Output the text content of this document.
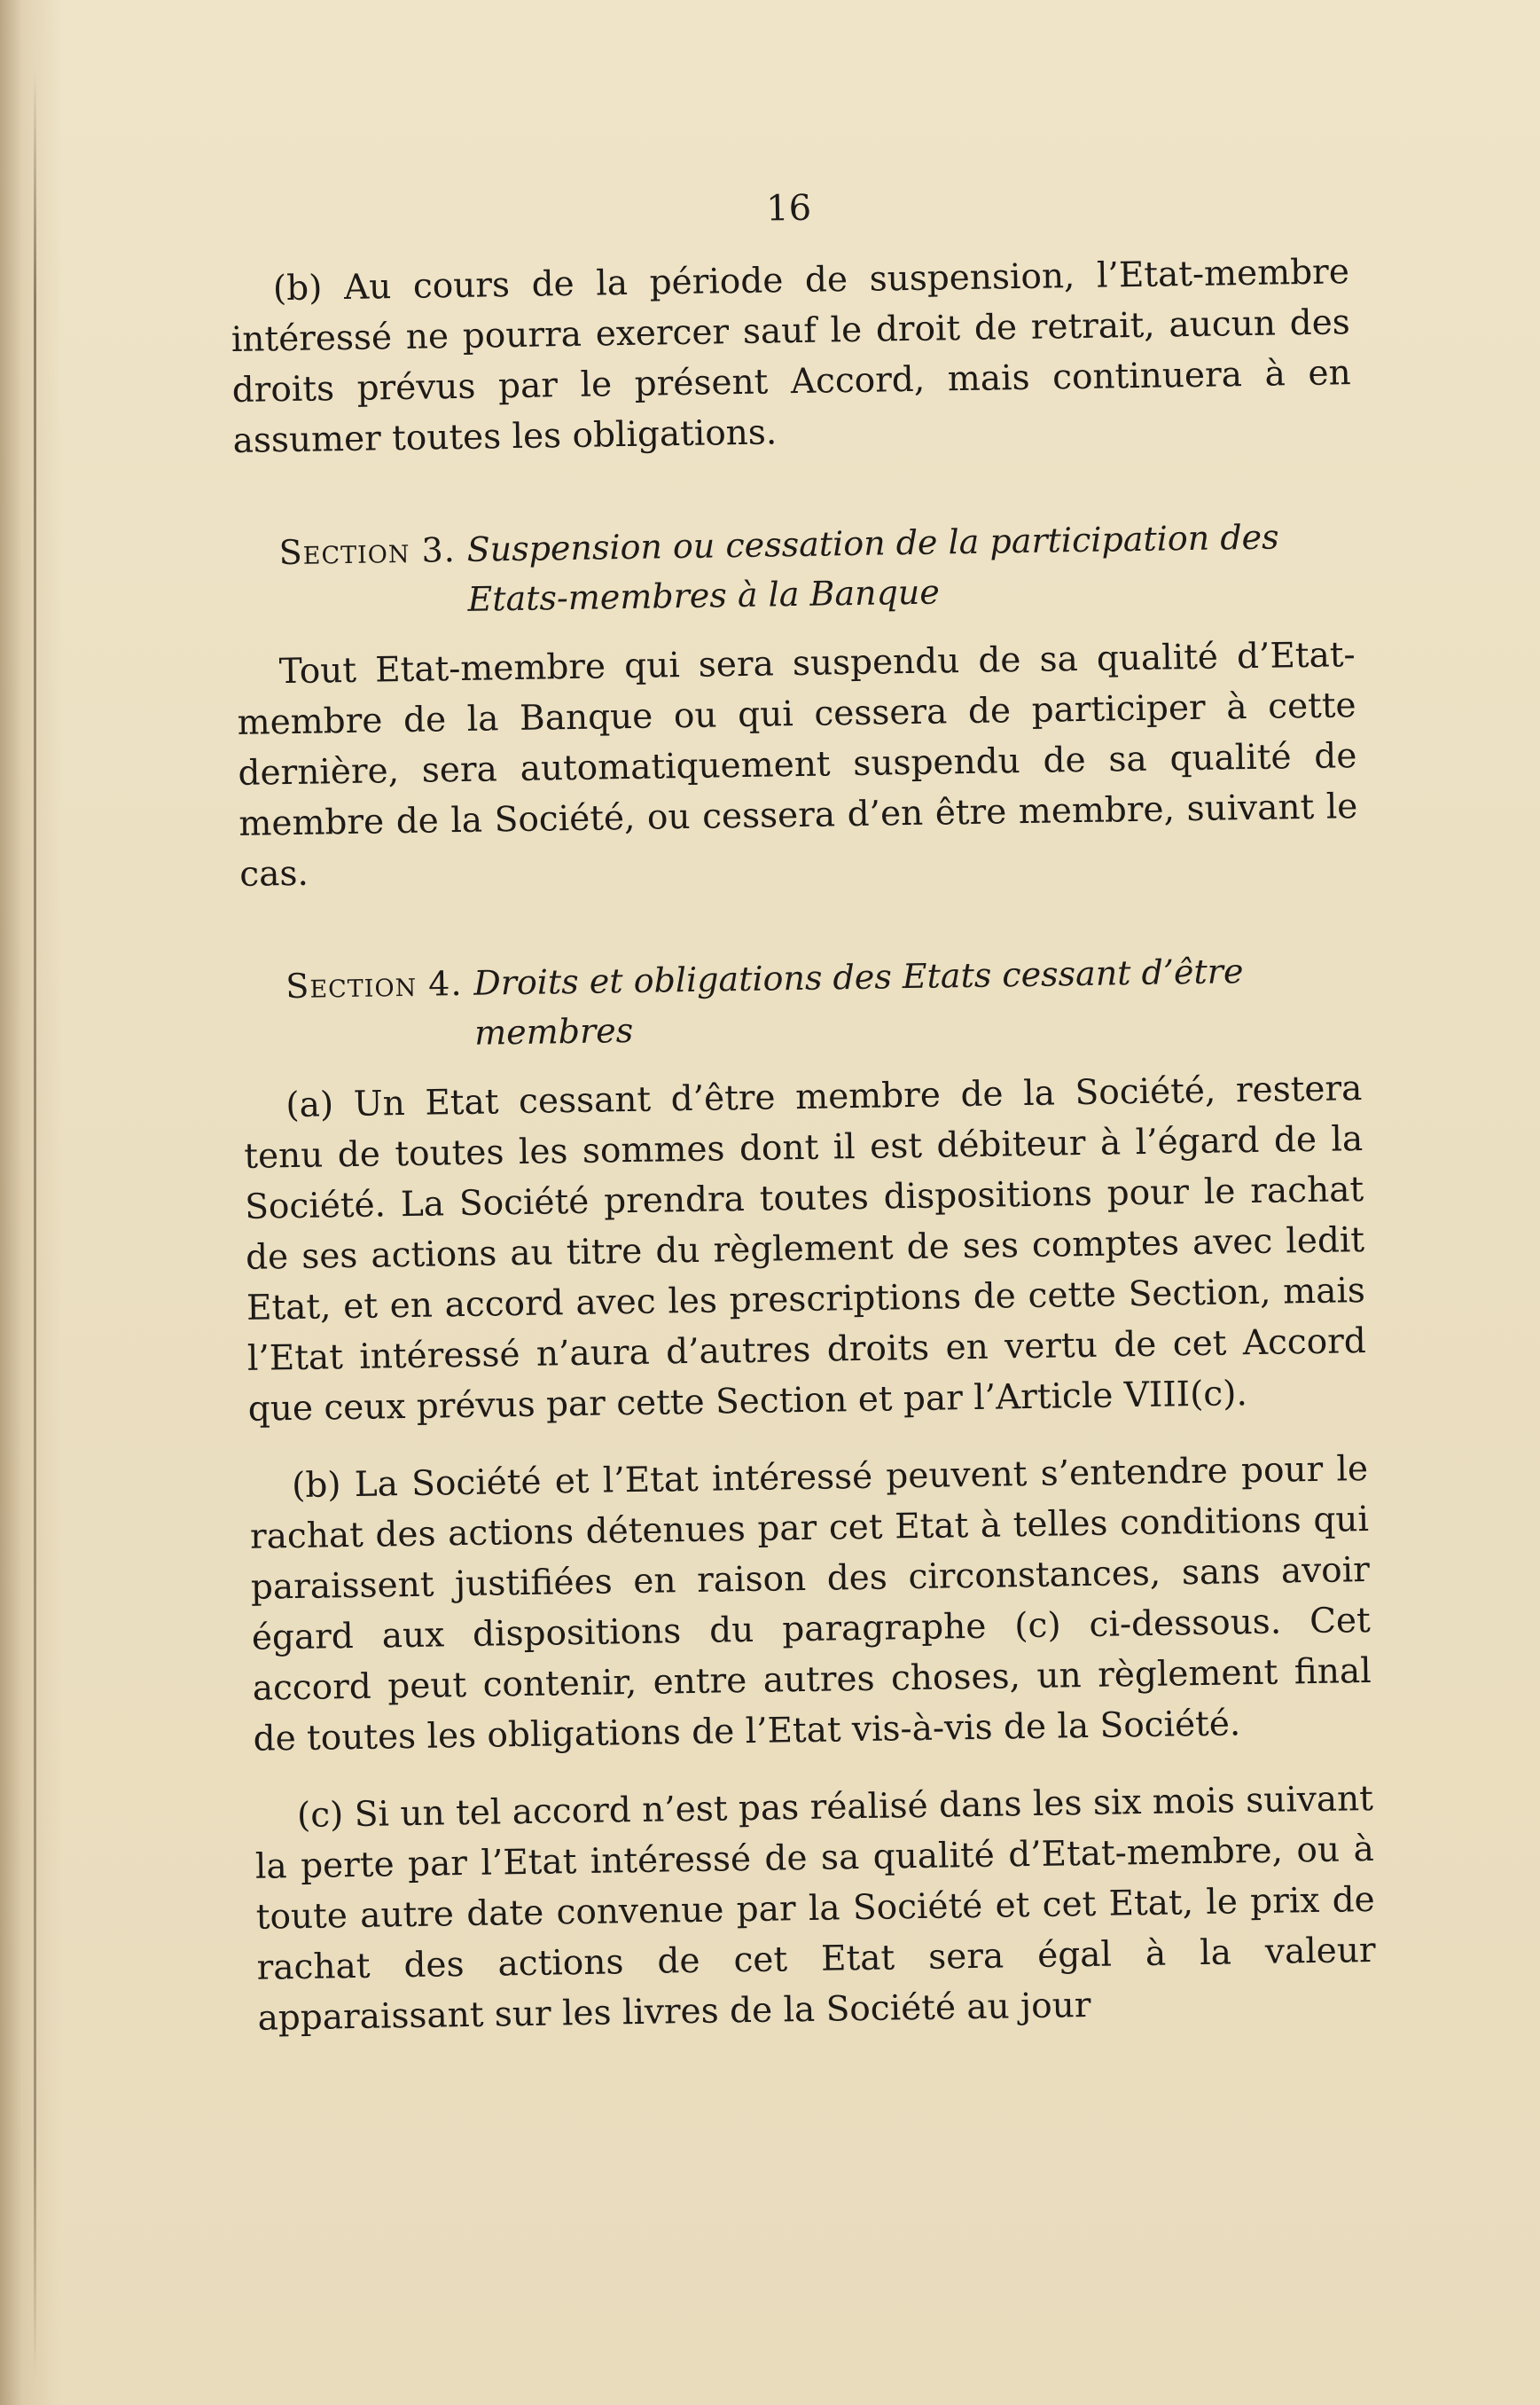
16

(b) Au cours de la période de suspension, l’Etat-membre intéressé ne pourra exercer sauf le droit de retrait, aucun des droits prévus par le présent Accord, mais continuera à en assumer toutes les obligations.

Section 3. Suspension ou cessation de la participation des Etats-membres à la Banque

Tout Etat-membre qui sera suspendu de sa qualité d’Etat-membre de la Banque ou qui cessera de participer à cette dernière, sera automatiquement suspendu de sa qualité de membre de la Société, ou cessera d’en être membre, suivant le cas.

Section 4. Droits et obligations des Etats cessant d’être membres

(a) Un Etat cessant d’être membre de la Société, restera tenu de toutes les sommes dont il est débiteur à l’égard de la Société. La Société prendra toutes dispositions pour le rachat de ses actions au titre du règlement de ses comptes avec ledit Etat, et en accord avec les prescriptions de cette Section, mais l’Etat intéressé n’aura d’autres droits en vertu de cet Accord que ceux prévus par cette Section et par l’Article VIII(c).

(b) La Société et l’Etat intéressé peuvent s’entendre pour le rachat des actions détenues par cet Etat à telles conditions qui paraissent justifiées en raison des circonstances, sans avoir égard aux dispositions du paragraphe (c) ci-dessous. Cet accord peut contenir, entre autres choses, un règlement final de toutes les obligations de l’Etat vis-à-vis de la Société.

(c) Si un tel accord n’est pas réalisé dans les six mois suivant la perte par l’Etat intéressé de sa qualité d’Etat-membre, ou à toute autre date convenue par la Société et cet Etat, le prix de rachat des actions de cet Etat sera égal à la valeur apparaissant sur les livres de la Société au jour
